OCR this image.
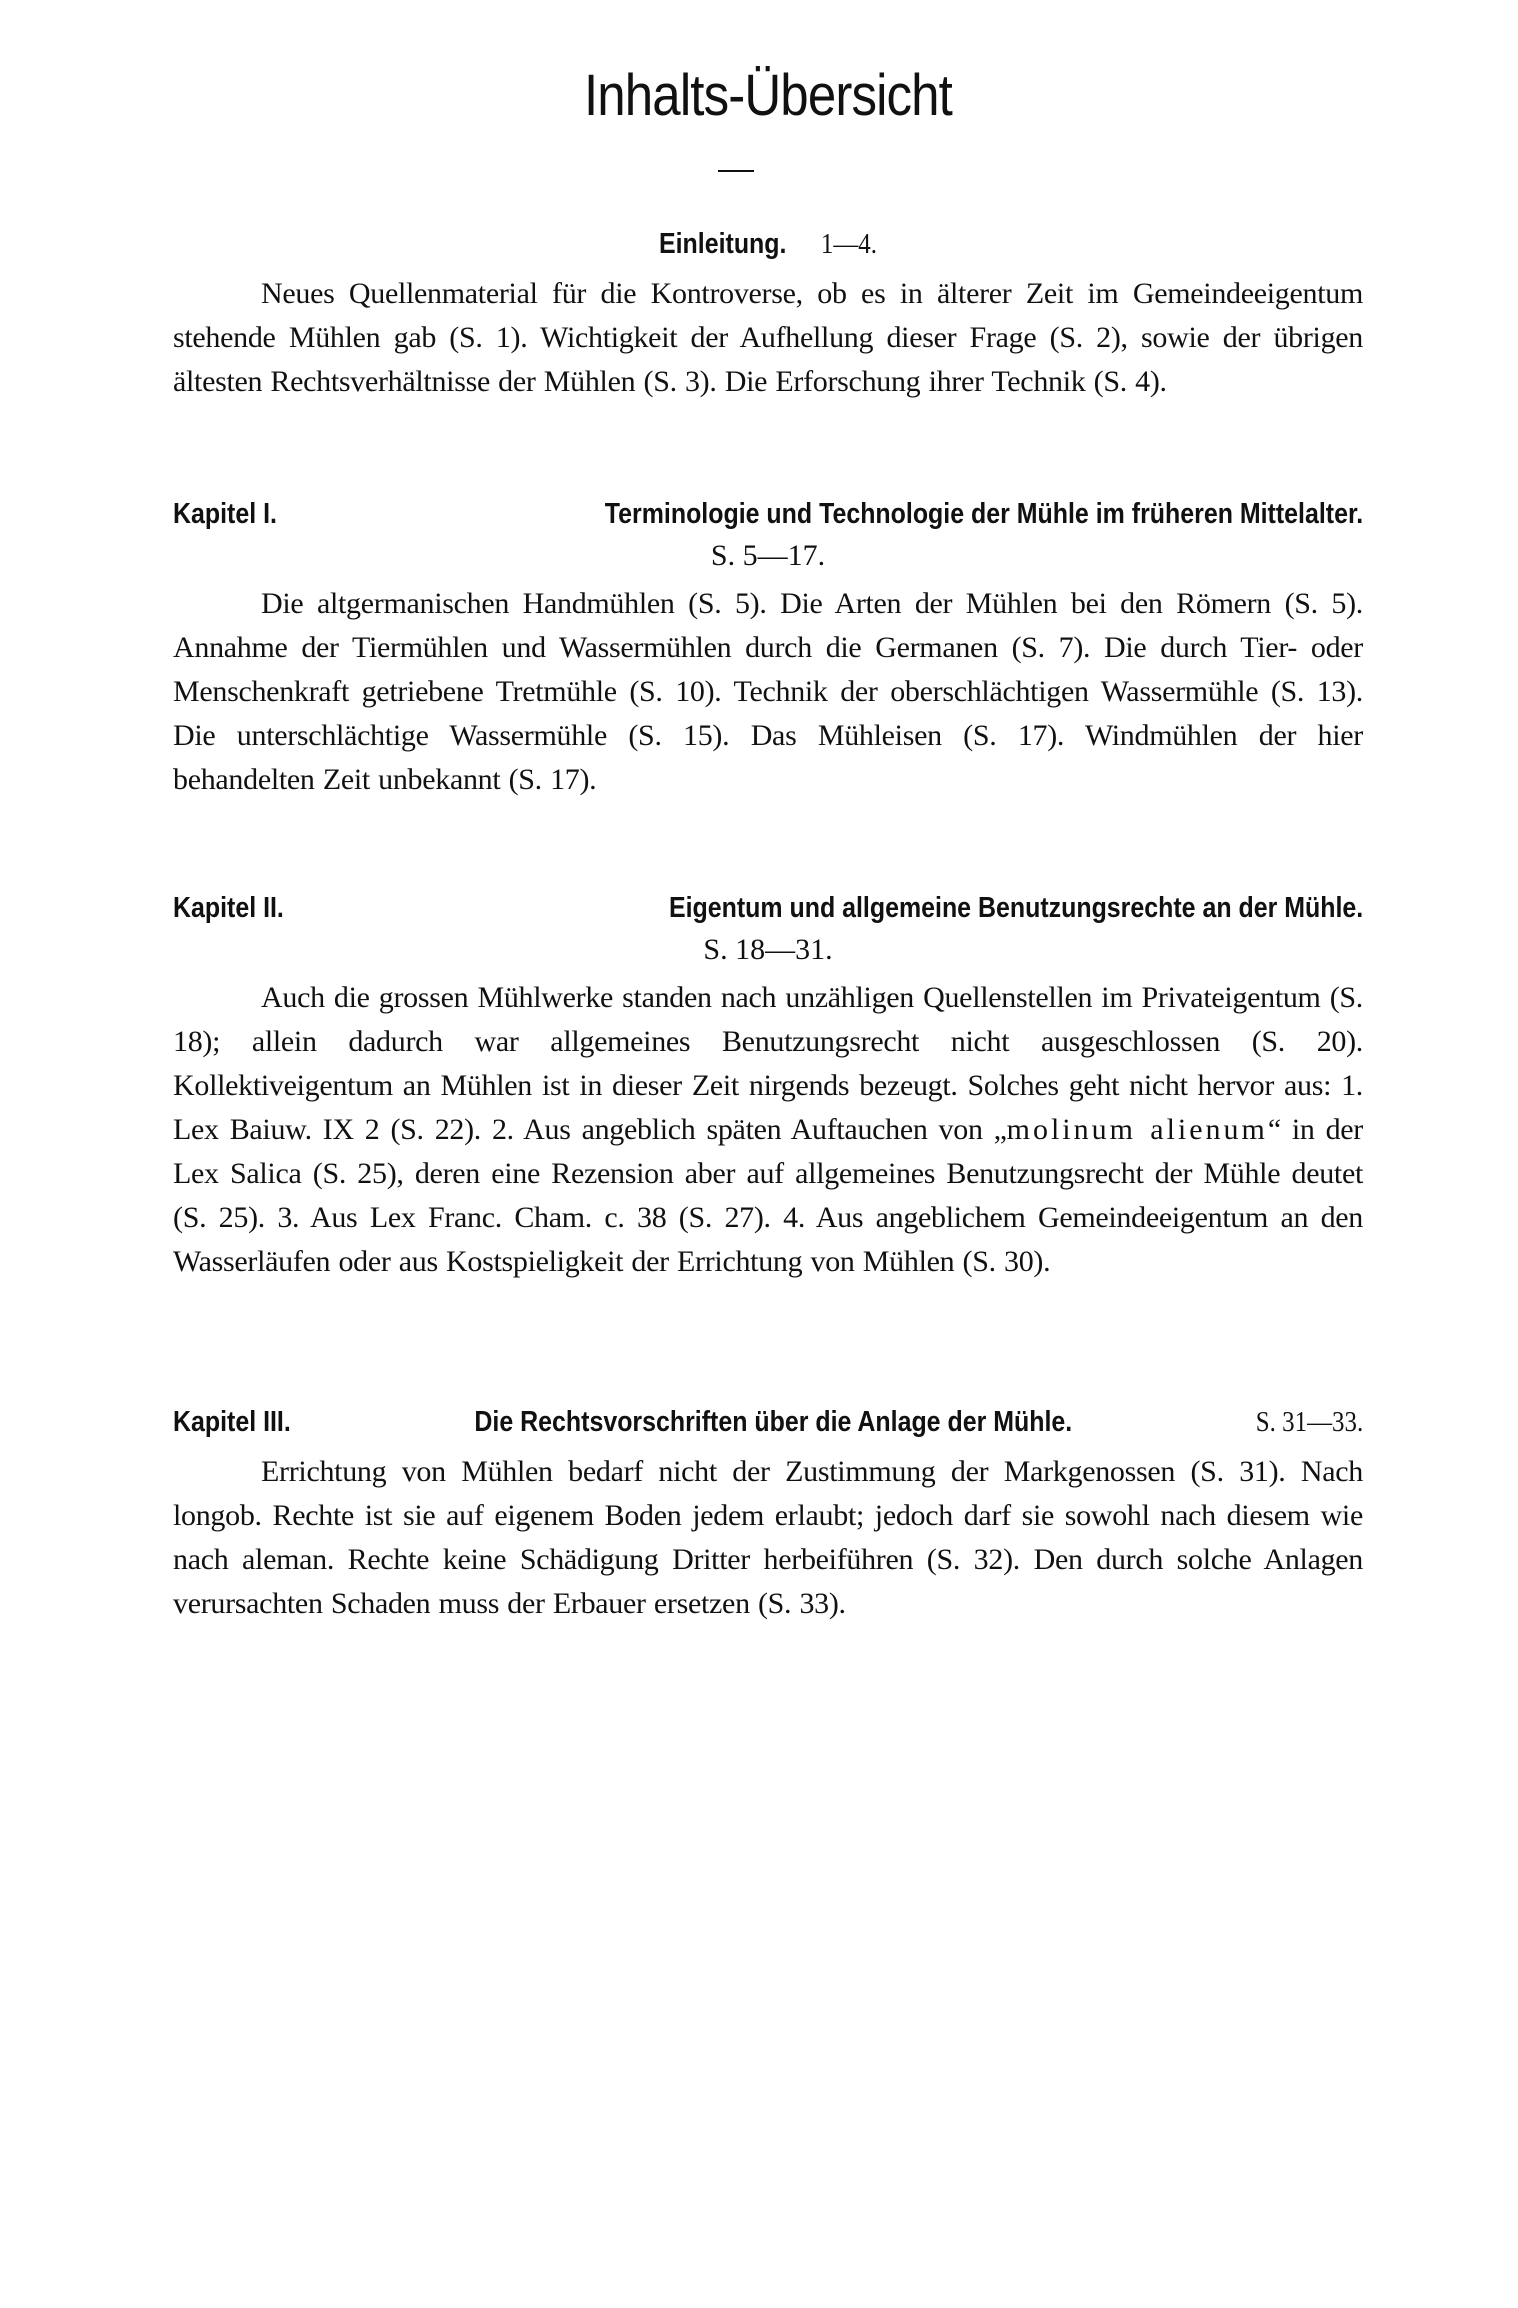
Inhalts-Übersicht
Einleitung. 1—4.

Neues Quellenmaterial für die Kontroverse, ob es in älterer Zeit im Gemeindeeigentum stehende Mühlen gab (S. 1). Wichtigkeit der Aufhellung dieser Frage (S. 2), sowie der übrigen ältesten Rechtsverhältnisse der Mühlen (S. 3). Die Erforschung ihrer Technik (S. 4).

Kapitel I.	Terminologie und Technologie der Mühle im früheren Mittelalter.

S. 5—17.

Die altgermanischen Handmühlen (S. 5). Die Arten der Mühlen bei den Römern (S. 5). Annahme der Tiermühlen und Wassermühlen durch die Germanen (S. 7). Die durch Tier- oder Menschenkraft getriebene Tretmühle (S. 10). Technik der oberschlächtigen Wassermühle (S. 13). Die unterschlächtige Wassermühle (S. 15). Das Mühleisen (S. 17). Windmühlen der hier behandelten Zeit unbekannt (S. 17).

Kapitel II.	Eigentum und allgemeine Benutzungsrechte an der Mühle.

S. 18—31.

Auch die grossen Mühlwerke standen nach unzähligen Quellenstellen im Privateigentum (S. 18); allein dadurch war allgemeines Benutzungsrecht nicht ausgeschlossen (S. 20). Kollektiveigentum an Mühlen ist in dieser Zeit nirgends bezeugt. Solches geht nicht hervor aus: 1. Lex Baiuw. IX 2 (S. 22). 2. Aus angeblich späten Auftauchen von „molinum alienum“ in der Lex Salica (S. 25), deren eine Rezension aber auf allgemeines Benutzungsrecht der Mühle deutet (S. 25). 3. Aus Lex Franc. Cham. c. 38 (S. 27). 4. Aus angeblichem Gemeindeeigentum an den Wasserläufen oder aus Kostspieligkeit der Errichtung von Mühlen (S. 30).

Kapitel III.	Die Rechtsvorschriften über die Anlage der Mühle.	S. 31—33.

Errichtung von Mühlen bedarf nicht der Zustimmung der Markgenossen (S. 31). Nach longob. Rechte ist sie auf eigenem Boden jedem erlaubt; jedoch darf sie sowohl nach diesem wie nach aleman. Rechte keine Schädigung Dritter herbeiführen (S. 32). Den durch solche Anlagen verursachten Schaden muss der Erbauer ersetzen (S. 33).
